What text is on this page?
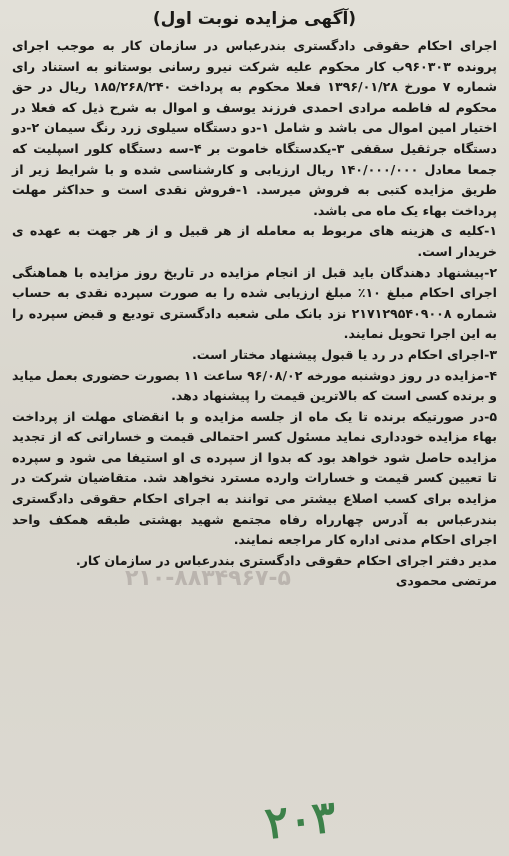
(آگهی مزایده نوبت اول)

اجرای احکام حقوقی دادگستری بندرعباس در سازمان کار به موجب اجرای پرونده ۹۶۰۳۰۳ب کار محکوم علیه شرکت نیرو رسانی بوستانو به استناد رای شماره ۷ مورخ ۱۳۹۶/۰۱/۲۸ فعلا محکوم به پرداخت ۱۸۵/۲۶۸/۲۴۰ ریال در حق محکوم له فاطمه مرادی احمدی فرزند یوسف و اموال به شرح ذیل که فعلا در اختیار امین اموال می باشد و شامل ۱-دو دستگاه سیلوی زرد رنگ سیمان ۲-دو دستگاه جرثقیل سقفی ۳-یکدستگاه خاموت بر ۴-سه دستگاه کلور اسپلیت که جمعا معادل ۱۴۰/۰۰۰/۰۰۰ ریال ارزیابی و کارشناسی شده و با شرایط زیر از طریق مزایده کتبی به فروش میرسد. ۱-فروش نقدی است و حداکثر مهلت پرداخت بهاء یک ماه می باشد.

۱-کلیه ی هزینه های مربوط به معامله از هر قبیل و از هر جهت به عهده ی خریدار است.

۲-پیشنهاد دهندگان باید قبل از انجام مزایده در تاریخ روز مزایده با هماهنگی اجرای احکام مبلغ ۱۰٪ مبلغ ارزیابی شده را به صورت سپرده نقدی به حساب شماره ۲۱۷۱۲۹۵۴۰۹۰۰۸ نزد بانک ملی شعبه دادگستری تودیع و قبض سپرده را به این اجرا تحویل نمایند.

۳-اجرای احکام در رد یا قبول پیشنهاد مختار است.

۴-مزایده در روز دوشنبه مورخه ۹۶/۰۸/۰۲ ساعت ۱۱ بصورت حضوری بعمل میاید و برنده کسی است که بالاترین قیمت را پیشنهاد دهد.

۵-در صورتیکه برنده تا یک ماه از جلسه مزایده و با انقضای مهلت از پرداخت بهاء مزایده خودداری نماید مسئول کسر احتمالی قیمت و خساراتی که از تجدید مزایده حاصل شود خواهد بود که بدوا از سپرده ی او استیفا می شود و سپرده تا تعیین کسر قیمت و خسارات وارده مسترد نخواهد شد. متقاضیان شرکت در مزایده برای کسب اصلاع بیشتر می توانند به اجرای احکام حقوقی دادگستری بندرعباس به آدرس چهارراه رفاه مجتمع شهید بهشتی طبقه همکف واحد اجرای احکام مدنی اداره کار مراجعه نمایند.

مدیر دفتر اجرای احکام حقوقی دادگستری بندرعباس در سازمان کار.
مرتضی محمودی
۲۱۰-۸۸۳۴۹۶۷-۵
۲۰۳
